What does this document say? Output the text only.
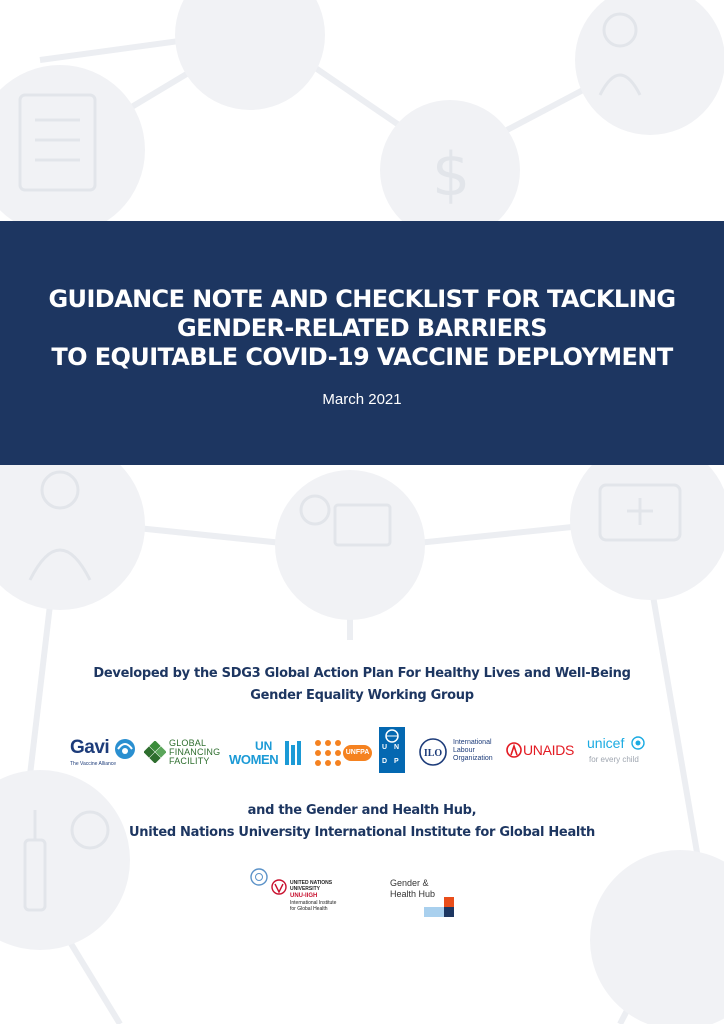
$
GUIDANCE NOTE AND CHECKLIST FOR TACKLING
GENDER-RELATED BARRIERS
TO EQUITABLE COVID-19 VACCINE DEPLOYMENT
March 2021
Developed by the SDG3 Global Action Plan For Healthy Lives and Well-Being
Gender Equality Working Group
Gavi
The Vaccine Alliance
GLOBAL
FINANCING
FACILITY
UN
WOMEN	UNFPA
U N
D P
ILO
International
Labour
Organization
UNAIDS unicef
for every child
and the Gender and Health Hub,
United Nations University International Institute for Global Health
UNITED NATIONS
UNIVERSITY
UNU-IIGH
International Institute
for Global Health
Gender &
Health Hub
